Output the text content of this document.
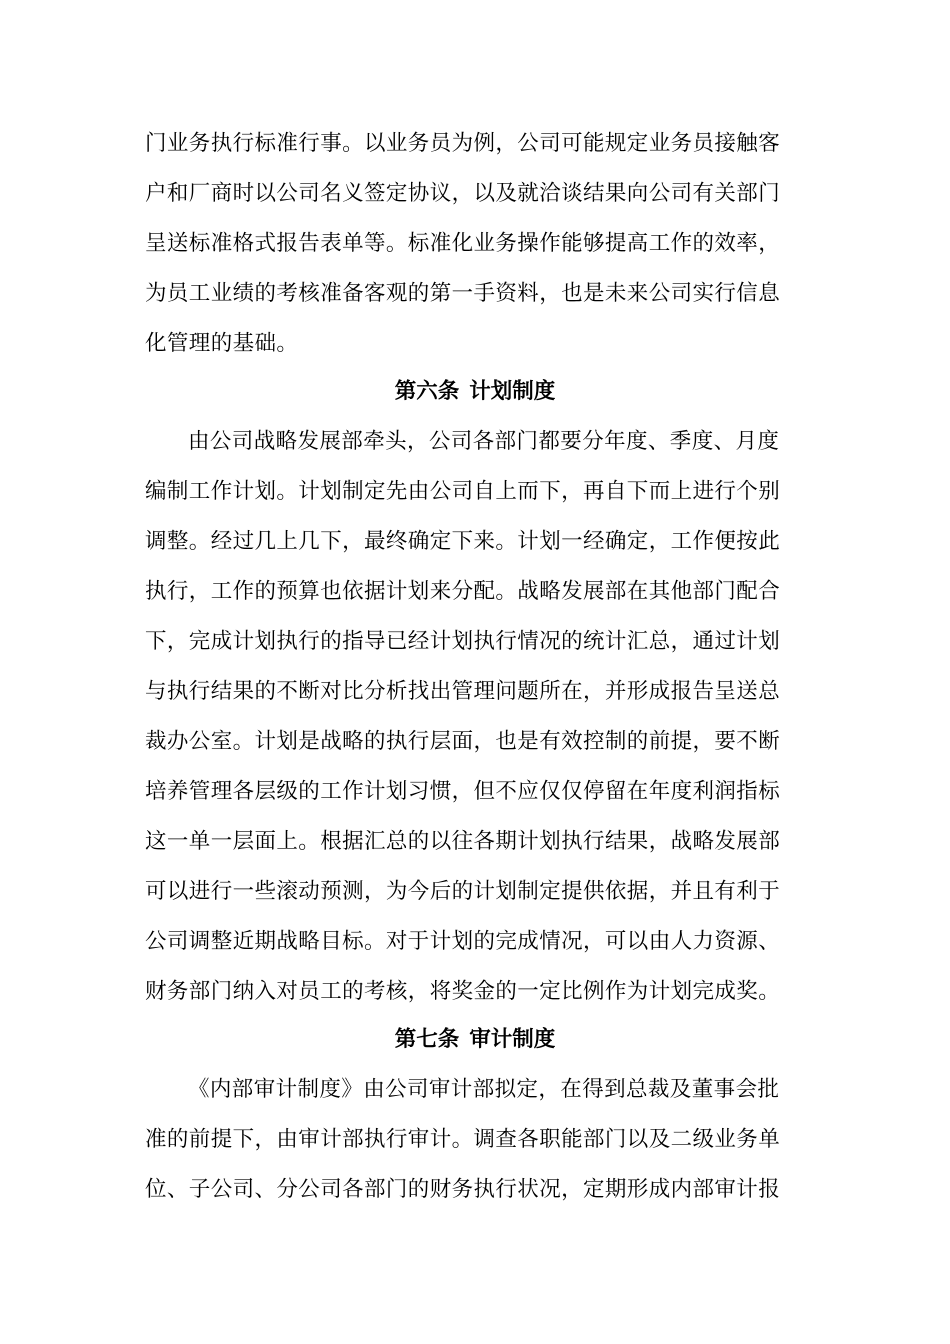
门业务执行标准行事。以业务员为例，公司可能规定业务员接触客
户和厂商时以公司名义签定协议，以及就洽谈结果向公司有关部门
呈送标准格式报告表单等。标准化业务操作能够提高工作的效率，
为员工业绩的考核准备客观的第一手资料，也是未来公司实行信息
化管理的基础。
第六条 计划制度
由公司战略发展部牵头，公司各部门都要分年度、季度、月度
编制工作计划。计划制定先由公司自上而下，再自下而上进行个别
调整。经过几上几下，最终确定下来。计划一经确定，工作便按此
执行，工作的预算也依据计划来分配。战略发展部在其他部门配合
下，完成计划执行的指导已经计划执行情况的统计汇总，通过计划
与执行结果的不断对比分析找出管理问题所在，并形成报告呈送总
裁办公室。计划是战略的执行层面，也是有效控制的前提，要不断
培养管理各层级的工作计划习惯，但不应仅仅停留在年度利润指标
这一单一层面上。根据汇总的以往各期计划执行结果，战略发展部
可以进行一些滚动预测，为今后的计划制定提供依据，并且有利于
公司调整近期战略目标。对于计划的完成情况，可以由人力资源、
财务部门纳入对员工的考核，将奖金的一定比例作为计划完成奖。
第七条 审计制度
《内部审计制度》由公司审计部拟定，在得到总裁及董事会批
准的前提下，由审计部执行审计。调查各职能部门以及二级业务单
位、子公司、分公司各部门的财务执行状况，定期形成内部审计报
